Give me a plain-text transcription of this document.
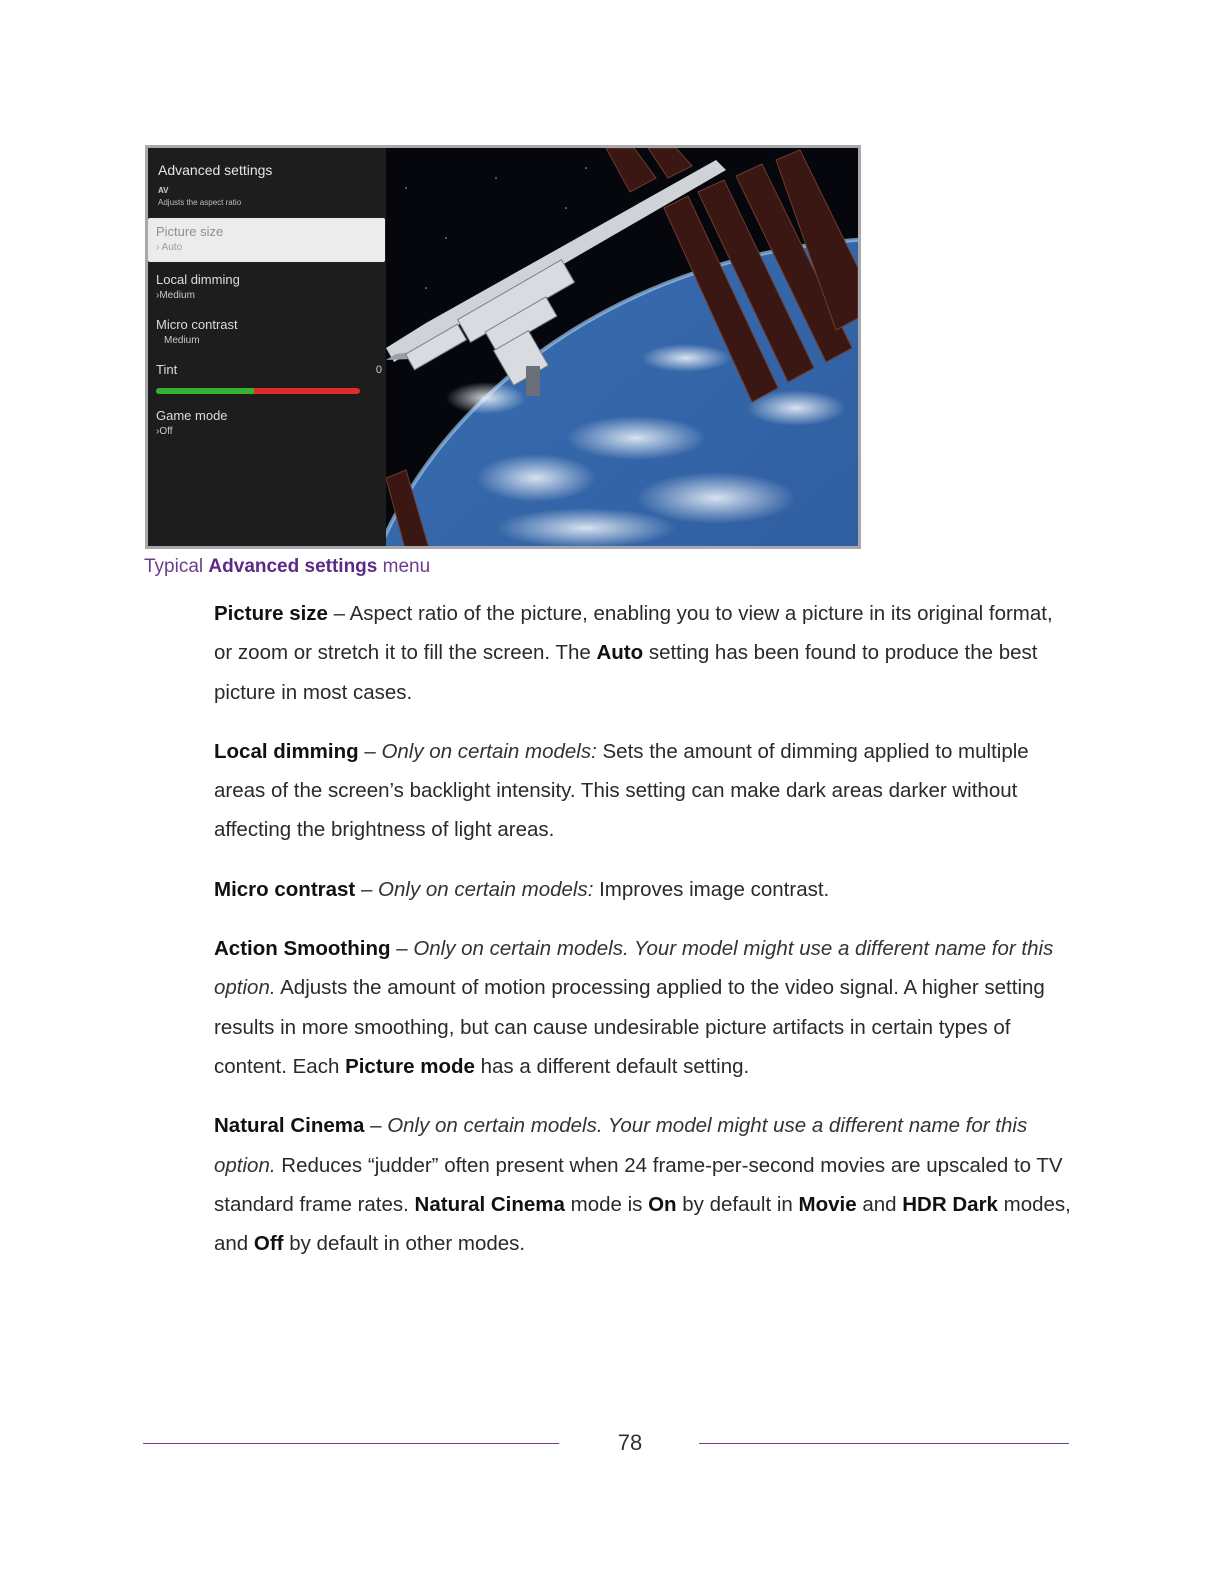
Advanced settings
AV
Adjusts the aspect ratio
Picture size
› Auto
Local dimming
›Medium
Micro contrast
Medium
Tint	0
Game mode
›Off
Typical Advanced settings menu

Picture size – Aspect ratio of the picture, enabling you to view a picture in its original format, or zoom or stretch it to fill the screen. The Auto setting has been found to produce the best picture in most cases.

Local dimming – Only on certain models: Sets the amount of dimming applied to multiple areas of the screen’s backlight intensity. This setting can make dark areas darker without affecting the brightness of light areas.

Micro contrast – Only on certain models: Improves image contrast.

Action Smoothing – Only on certain models. Your model might use a different name for this option. Adjusts the amount of motion processing applied to the video signal. A higher setting results in more smoothing, but can cause undesirable picture artifacts in certain types of content. Each Picture mode has a different default setting.

Natural Cinema – Only on certain models. Your model might use a different name for this option. Reduces “judder” often present when 24 frame-per-second movies are upscaled to TV standard frame rates. Natural Cinema mode is On by default in Movie and HDR Dark modes, and Off by default in other modes.

78
